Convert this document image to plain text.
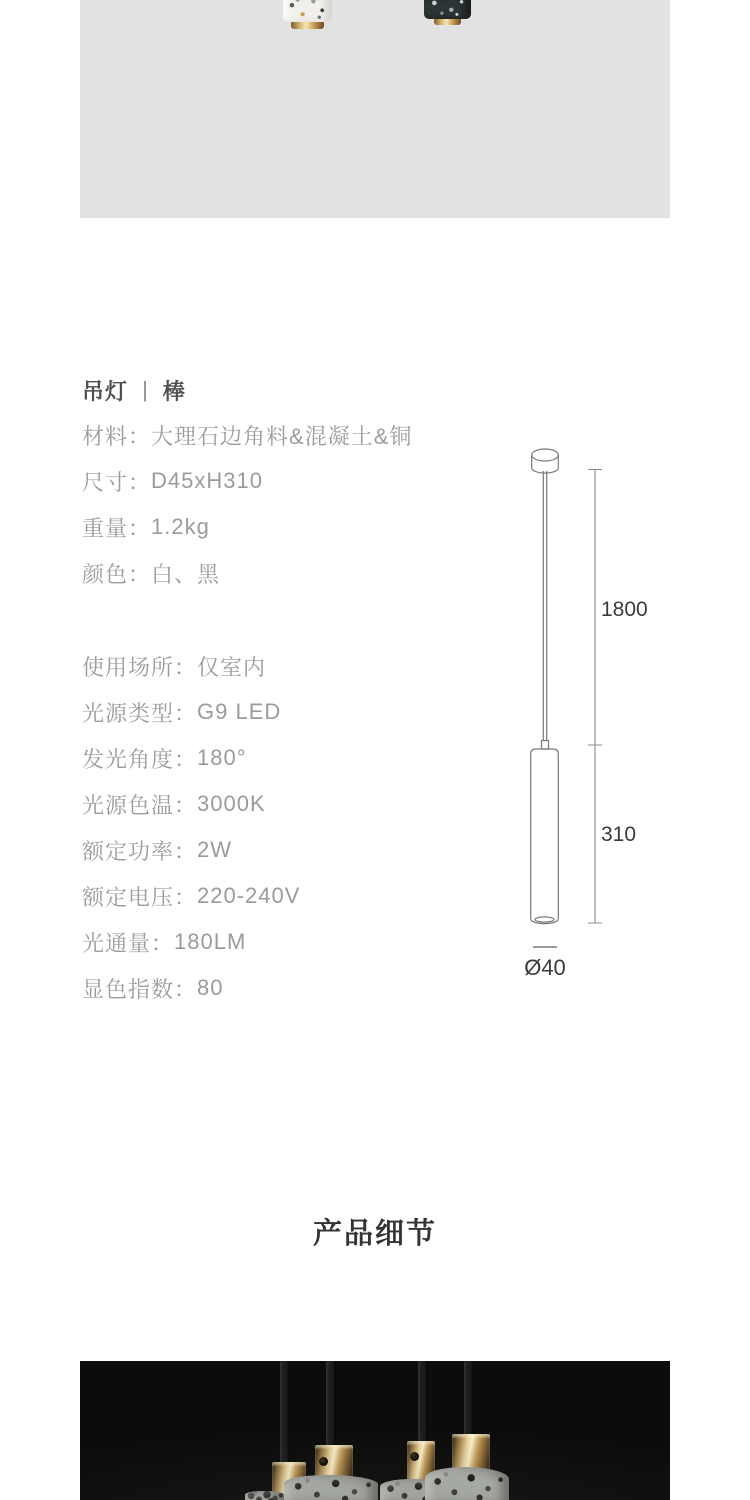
吊灯 | 棒
材料： 大理石边角料&混凝土&铜
尺寸： D45xH310
重量： 1.2kg
颜色： 白、黑
使用场所： 仅室内
光源类型： G9 LED
发光角度： 180°
光源色温： 3000K
额定功率： 2W
额定电压： 220-240V
光通量： 180LM
显色指数： 80
1800
310
Ø40
产品细节
